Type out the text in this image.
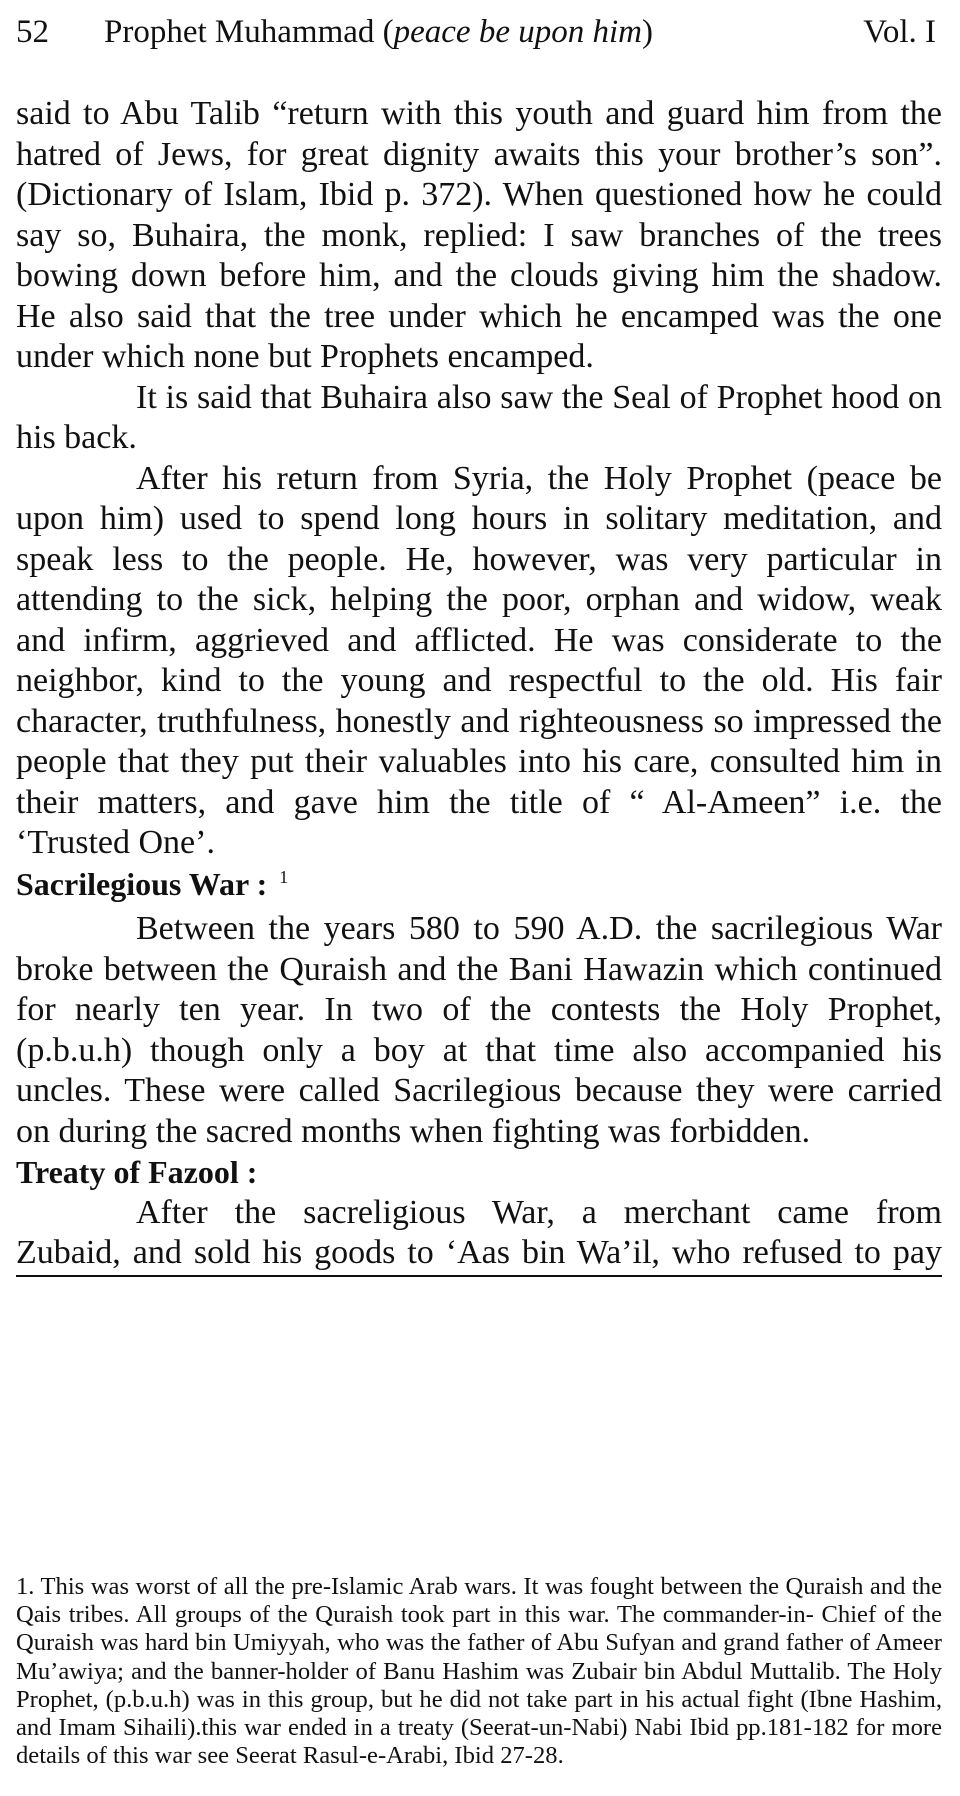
52 Prophet Muhammad (peace be upon him)	Vol. I

said to Abu Talib “return with this youth and guard him from the hatred of Jews, for great dignity awaits this your brother’s son”. (Dictionary of Islam, Ibid p. 372). When questioned how he could say so, Buhaira, the monk, replied: I saw branches of the trees bowing down before him, and the clouds giving him the shadow. He also said that the tree under which he encamped was the one under which none but Prophets encamped.

It is said that Buhaira also saw the Seal of Prophet hood on his back.

After his return from Syria, the Holy Prophet (peace be upon him) used to spend long hours in solitary meditation, and speak less to the people. He, however, was very particular in attending to the sick, helping the poor, orphan and widow, weak and infirm, aggrieved and afflicted. He was considerate to the neighbor, kind to the young and respectful to the old. His fair character, truthfulness, honestly and righteousness so impressed the people that they put their valuables into his care, consulted him in their matters, and gave him the title of “ Al-Ameen” i.e. the ‘Trusted One’.

Sacrilegious War : $^1$

Between the years 580 to 590 A.D. the sacrilegious War broke between the Quraish and the Bani Hawazin which continued for nearly ten year. In two of the contests the Holy Prophet, (p.b.u.h) though only a boy at that time also accompanied his uncles. These were called Sacrilegious because they were carried on during the sacred months when fighting was forbidden.

Treaty of Fazool :

After the sacreligious War, a merchant came from

Zubaid, and sold his goods to ‘Aas bin Wa’il, who refused to pay

1. This was worst of all the pre-Islamic Arab wars. It was fought between the Quraish and the Qais tribes. All groups of the Quraish took part in this war. The commander-in- Chief of the Quraish was hard bin Umiyyah, who was the father of Abu Sufyan and grand father of Ameer Mu’awiya; and the banner-holder of Banu Hashim was Zubair bin Abdul Muttalib. The Holy Prophet, (p.b.u.h) was in this group, but he did not take part in his actual fight (Ibne Hashim, and Imam Sihaili).this war ended in a treaty (Seerat-un-Nabi) Nabi Ibid pp.181-182 for more details of this war see Seerat Rasul-e-Arabi, Ibid 27-28.
